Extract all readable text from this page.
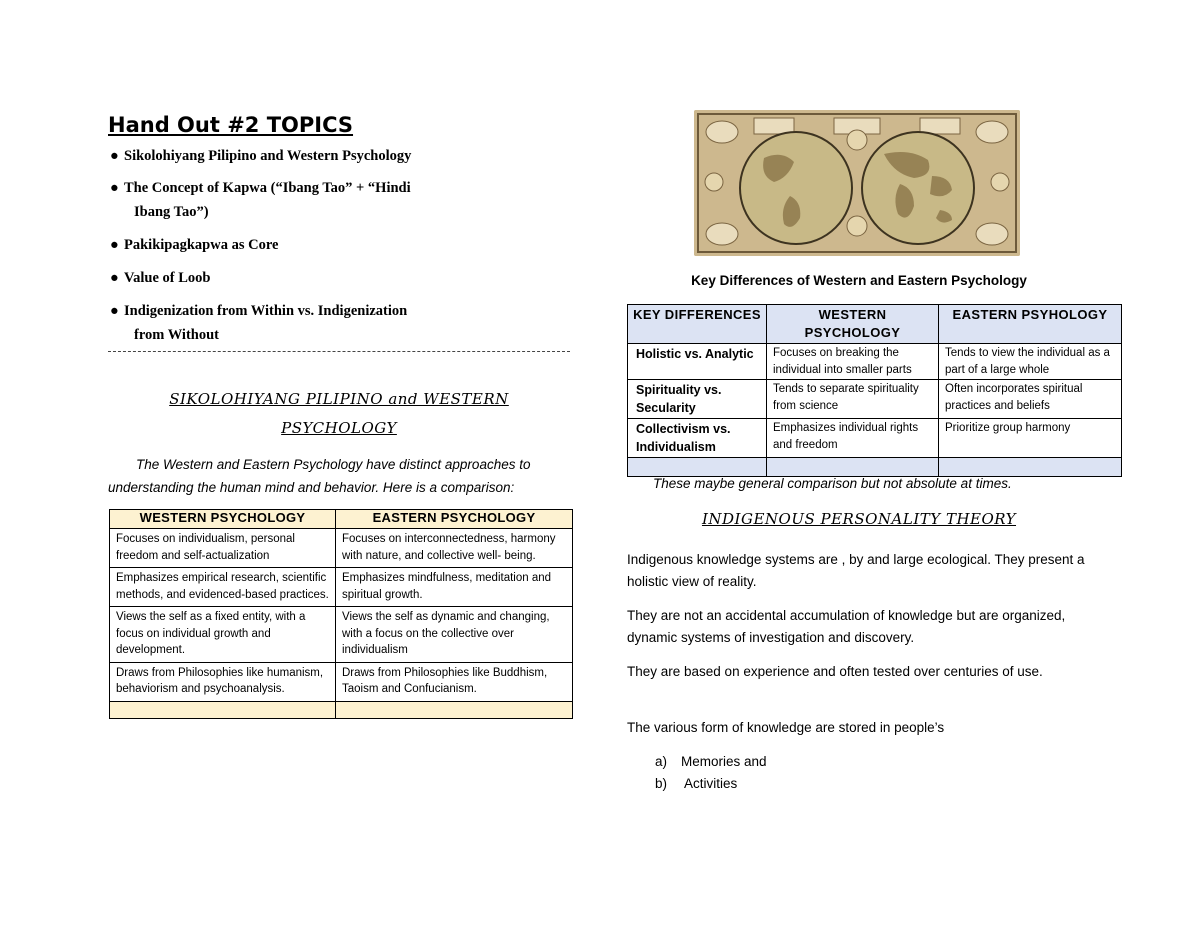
Hand Out #2 TOPICS
● Sikolohiyang Pilipino and Western Psychology
● The Concept of Kapwa (“Ibang Tao” + “Hindi
Ibang Tao”)
● Pakikipagkapwa as Core
● Value of Loob
● Indigenization from Within vs. Indigenization
from Without
SIKOLOHIYANG PILIPINO and WESTERN
PSYCHOLOGY
The Western and Eastern Psychology have distinct approaches to understanding the human mind and behavior. Here is a comparison:
WESTERN PSYCHOLOGY	EASTERN PSYCHOLOGY
Focuses on individualism, personal freedom and self-actualization	Focuses on interconnectedness, harmony with nature, and collective well- being.
Emphasizes empirical research, scientific methods, and evidenced-based practices.	Emphasizes mindfulness, meditation and spiritual growth.
Views the self as a fixed entity, with a focus on individual growth and development.	Views the self as dynamic and changing, with a focus on the collective over individualism
Draws from Philosophies like humanism, behaviorism and psychoanalysis.	Draws from Philosophies like Buddhism, Taoism and Confucianism.

Key Differences of Western and Eastern Psychology
KEY DIFFERENCES	WESTERN PSYCHOLOGY	EASTERN PSYHOLOGY
Holistic vs. Analytic	Focuses on breaking the individual into smaller parts	Tends to view the individual as a part of a large whole
Spirituality vs. Secularity	Tends to separate spirituality from science	Often incorporates spiritual practices and beliefs
Collectivism vs. Individualism	Emphasizes individual rights and freedom	Prioritize group harmony

These maybe general comparison but not absolute at times.
INDIGENOUS PERSONALITY THEORY
Indigenous knowledge systems are , by and large ecological. They present a holistic view of reality.
They are not an accidental accumulation of knowledge but are organized, dynamic systems of investigation and discovery.
They are based on experience and often tested over centuries of use.
The various form of knowledge are stored in people’s
a) Memories and
b) Activities
